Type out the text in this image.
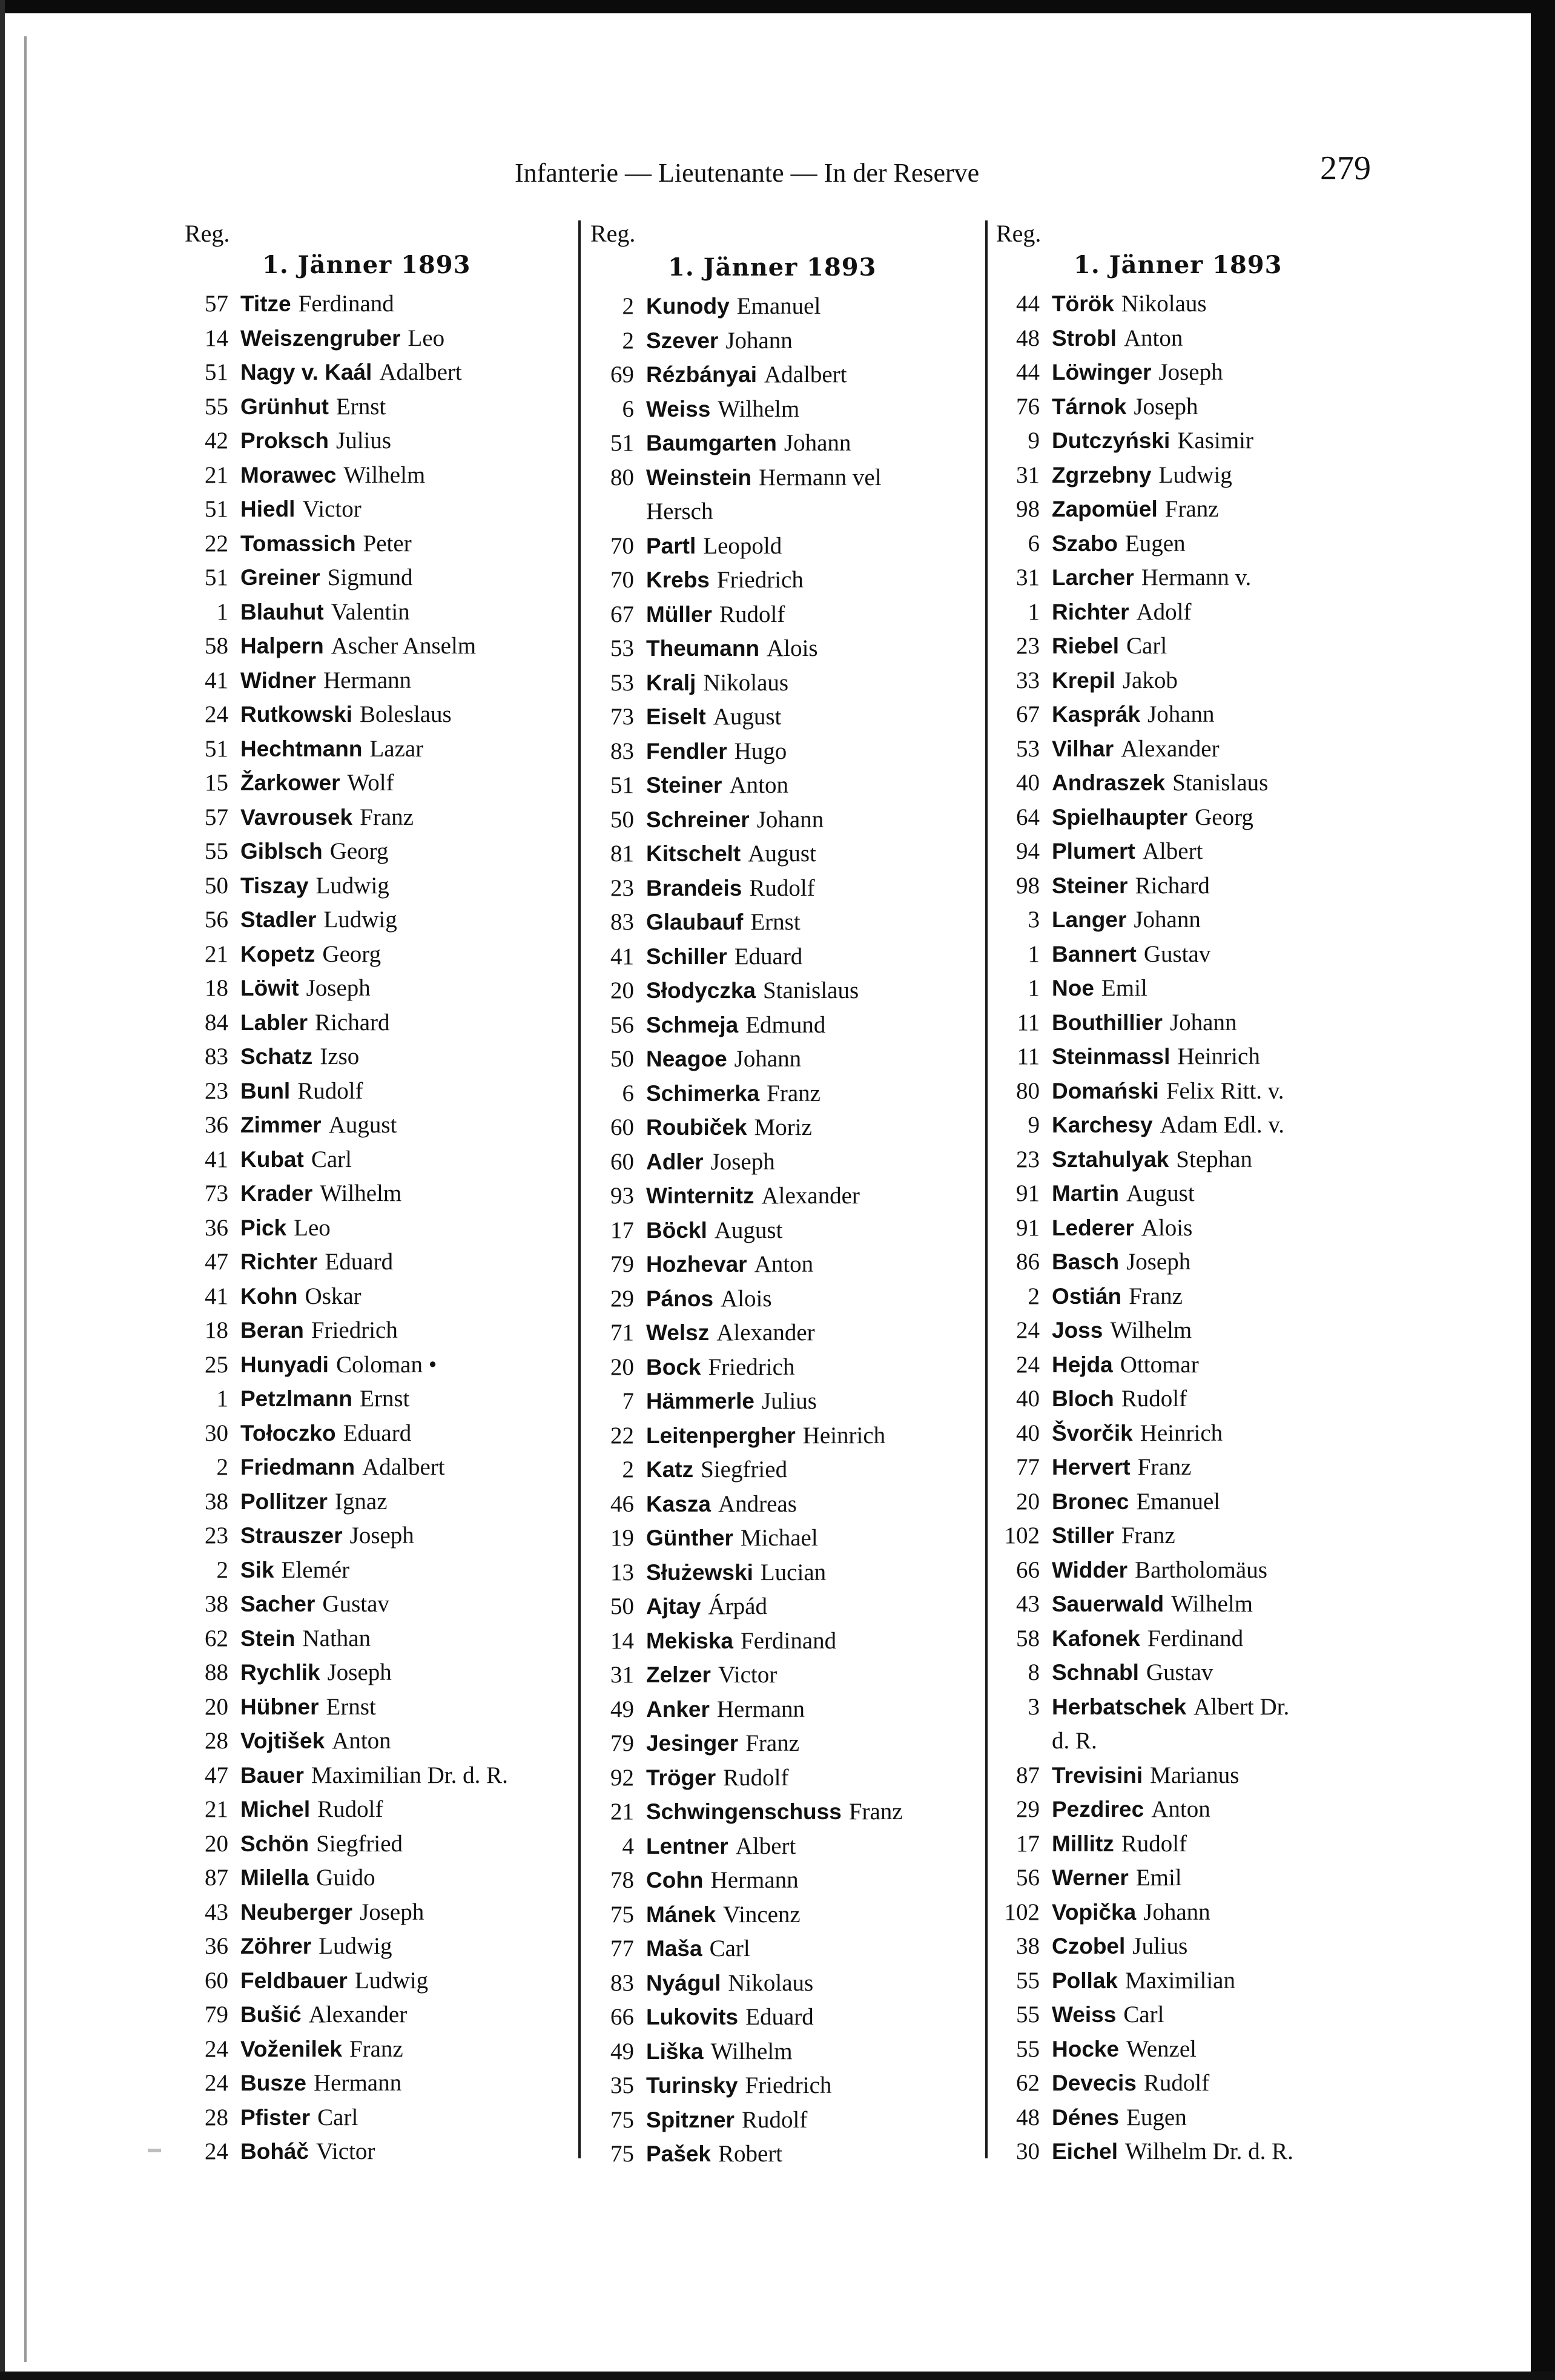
Infanterie — Lieutenante — In der Reserve	279
Reg.
1. Jänner 1893
57 Titze Ferdinand
14 Weiszengruber Leo
51 Nagy v. Kaál Adalbert
55 Grünhut Ernst
42 Proksch Julius
21 Morawec Wilhelm
51 Hiedl Victor
22 Tomassich Peter
51 Greiner Sigmund
1 Blauhut Valentin
58 Halpern Ascher Anselm
41 Widner Hermann
24 Rutkowski Boleslaus
51 Hechtmann Lazar
15 Žarkower Wolf
57 Vavrousek Franz
55 Giblsch Georg
50 Tiszay Ludwig
56 Stadler Ludwig
21 Kopetz Georg
18 Löwit Joseph
84 Labler Richard
83 Schatz Izso
23 Bunl Rudolf
36 Zimmer August
41 Kubat Carl
73 Krader Wilhelm
36 Pick Leo
47 Richter Eduard
41 Kohn Oskar
18 Beran Friedrich
25 Hunyadi Coloman •
1 Petzlmann Ernst
30 Tołoczko Eduard
2 Friedmann Adalbert
38 Pollitzer Ignaz
23 Strauszer Joseph
2 Sik Elemér
38 Sacher Gustav
62 Stein Nathan
88 Rychlik Joseph
20 Hübner Ernst
28 Vojtišek Anton
47 Bauer Maximilian Dr. d. R.
21 Michel Rudolf
20 Schön Siegfried
87 Milella Guido
43 Neuberger Joseph
36 Zöhrer Ludwig
60 Feldbauer Ludwig
79 Bušić Alexander
24 Voženilek Franz
24 Busze Hermann
28 Pfister Carl
24 Boháč Victor
Reg.
1. Jänner 1893
2 Kunody Emanuel
2 Szever Johann
69 Rézbányai Adalbert
6 Weiss Wilhelm
51 Baumgarten Johann
80 Weinstein Hermann vel
Hersch
70 Partl Leopold
70 Krebs Friedrich
67 Müller Rudolf
53 Theumann Alois
53 Kralj Nikolaus
73 Eiselt August
83 Fendler Hugo
51 Steiner Anton
50 Schreiner Johann
81 Kitschelt August
23 Brandeis Rudolf
83 Glaubauf Ernst
41 Schiller Eduard
20 Słodyczka Stanislaus
56 Schmeja Edmund
50 Neagoe Johann
6 Schimerka Franz
60 Roubiček Moriz
60 Adler Joseph
93 Winternitz Alexander
17 Böckl August
79 Hozhevar Anton
29 Pános Alois
71 Welsz Alexander
20 Bock Friedrich
7 Hämmerle Julius
22 Leitenpergher Heinrich
2 Katz Siegfried
46 Kasza Andreas
19 Günther Michael
13 Służewski Lucian
50 Ajtay Árpád
14 Mekiska Ferdinand
31 Zelzer Victor
49 Anker Hermann
79 Jesinger Franz
92 Tröger Rudolf
21 Schwingenschuss Franz
4 Lentner Albert
78 Cohn Hermann
75 Mánek Vincenz
77 Maša Carl
83 Nyágul Nikolaus
66 Lukovits Eduard
49 Liška Wilhelm
35 Turinsky Friedrich
75 Spitzner Rudolf
75 Pašek Robert
Reg.
1. Jänner 1893
44 Török Nikolaus
48 Strobl Anton
44 Löwinger Joseph
76 Tárnok Joseph
9 Dutczyński Kasimir
31 Zgrzebny Ludwig
98 Zapomüel Franz
6 Szabo Eugen
31 Larcher Hermann v.
1 Richter Adolf
23 Riebel Carl
33 Krepil Jakob
67 Kasprák Johann
53 Vilhar Alexander
40 Andraszek Stanislaus
64 Spielhaupter Georg
94 Plumert Albert
98 Steiner Richard
3 Langer Johann
1 Bannert Gustav
1 Noe Emil
11 Bouthillier Johann
11 Steinmassl Heinrich
80 Domański Felix Ritt. v.
9 Karchesy Adam Edl. v.
23 Sztahulyak Stephan
91 Martin August
91 Lederer Alois
86 Basch Joseph
2 Ostián Franz
24 Joss Wilhelm
24 Hejda Ottomar
40 Bloch Rudolf
40 Švorčik Heinrich
77 Hervert Franz
20 Bronec Emanuel
102 Stiller Franz
66 Widder Bartholomäus
43 Sauerwald Wilhelm
58 Kafonek Ferdinand
8 Schnabl Gustav
3 Herbatschek Albert Dr.
d. R.
87 Trevisini Marianus
29 Pezdirec Anton
17 Millitz Rudolf
56 Werner Emil
102 Vopička Johann
38 Czobel Julius
55 Pollak Maximilian
55 Weiss Carl
55 Hocke Wenzel
62 Devecis Rudolf
48 Dénes Eugen
30 Eichel Wilhelm Dr. d. R.
